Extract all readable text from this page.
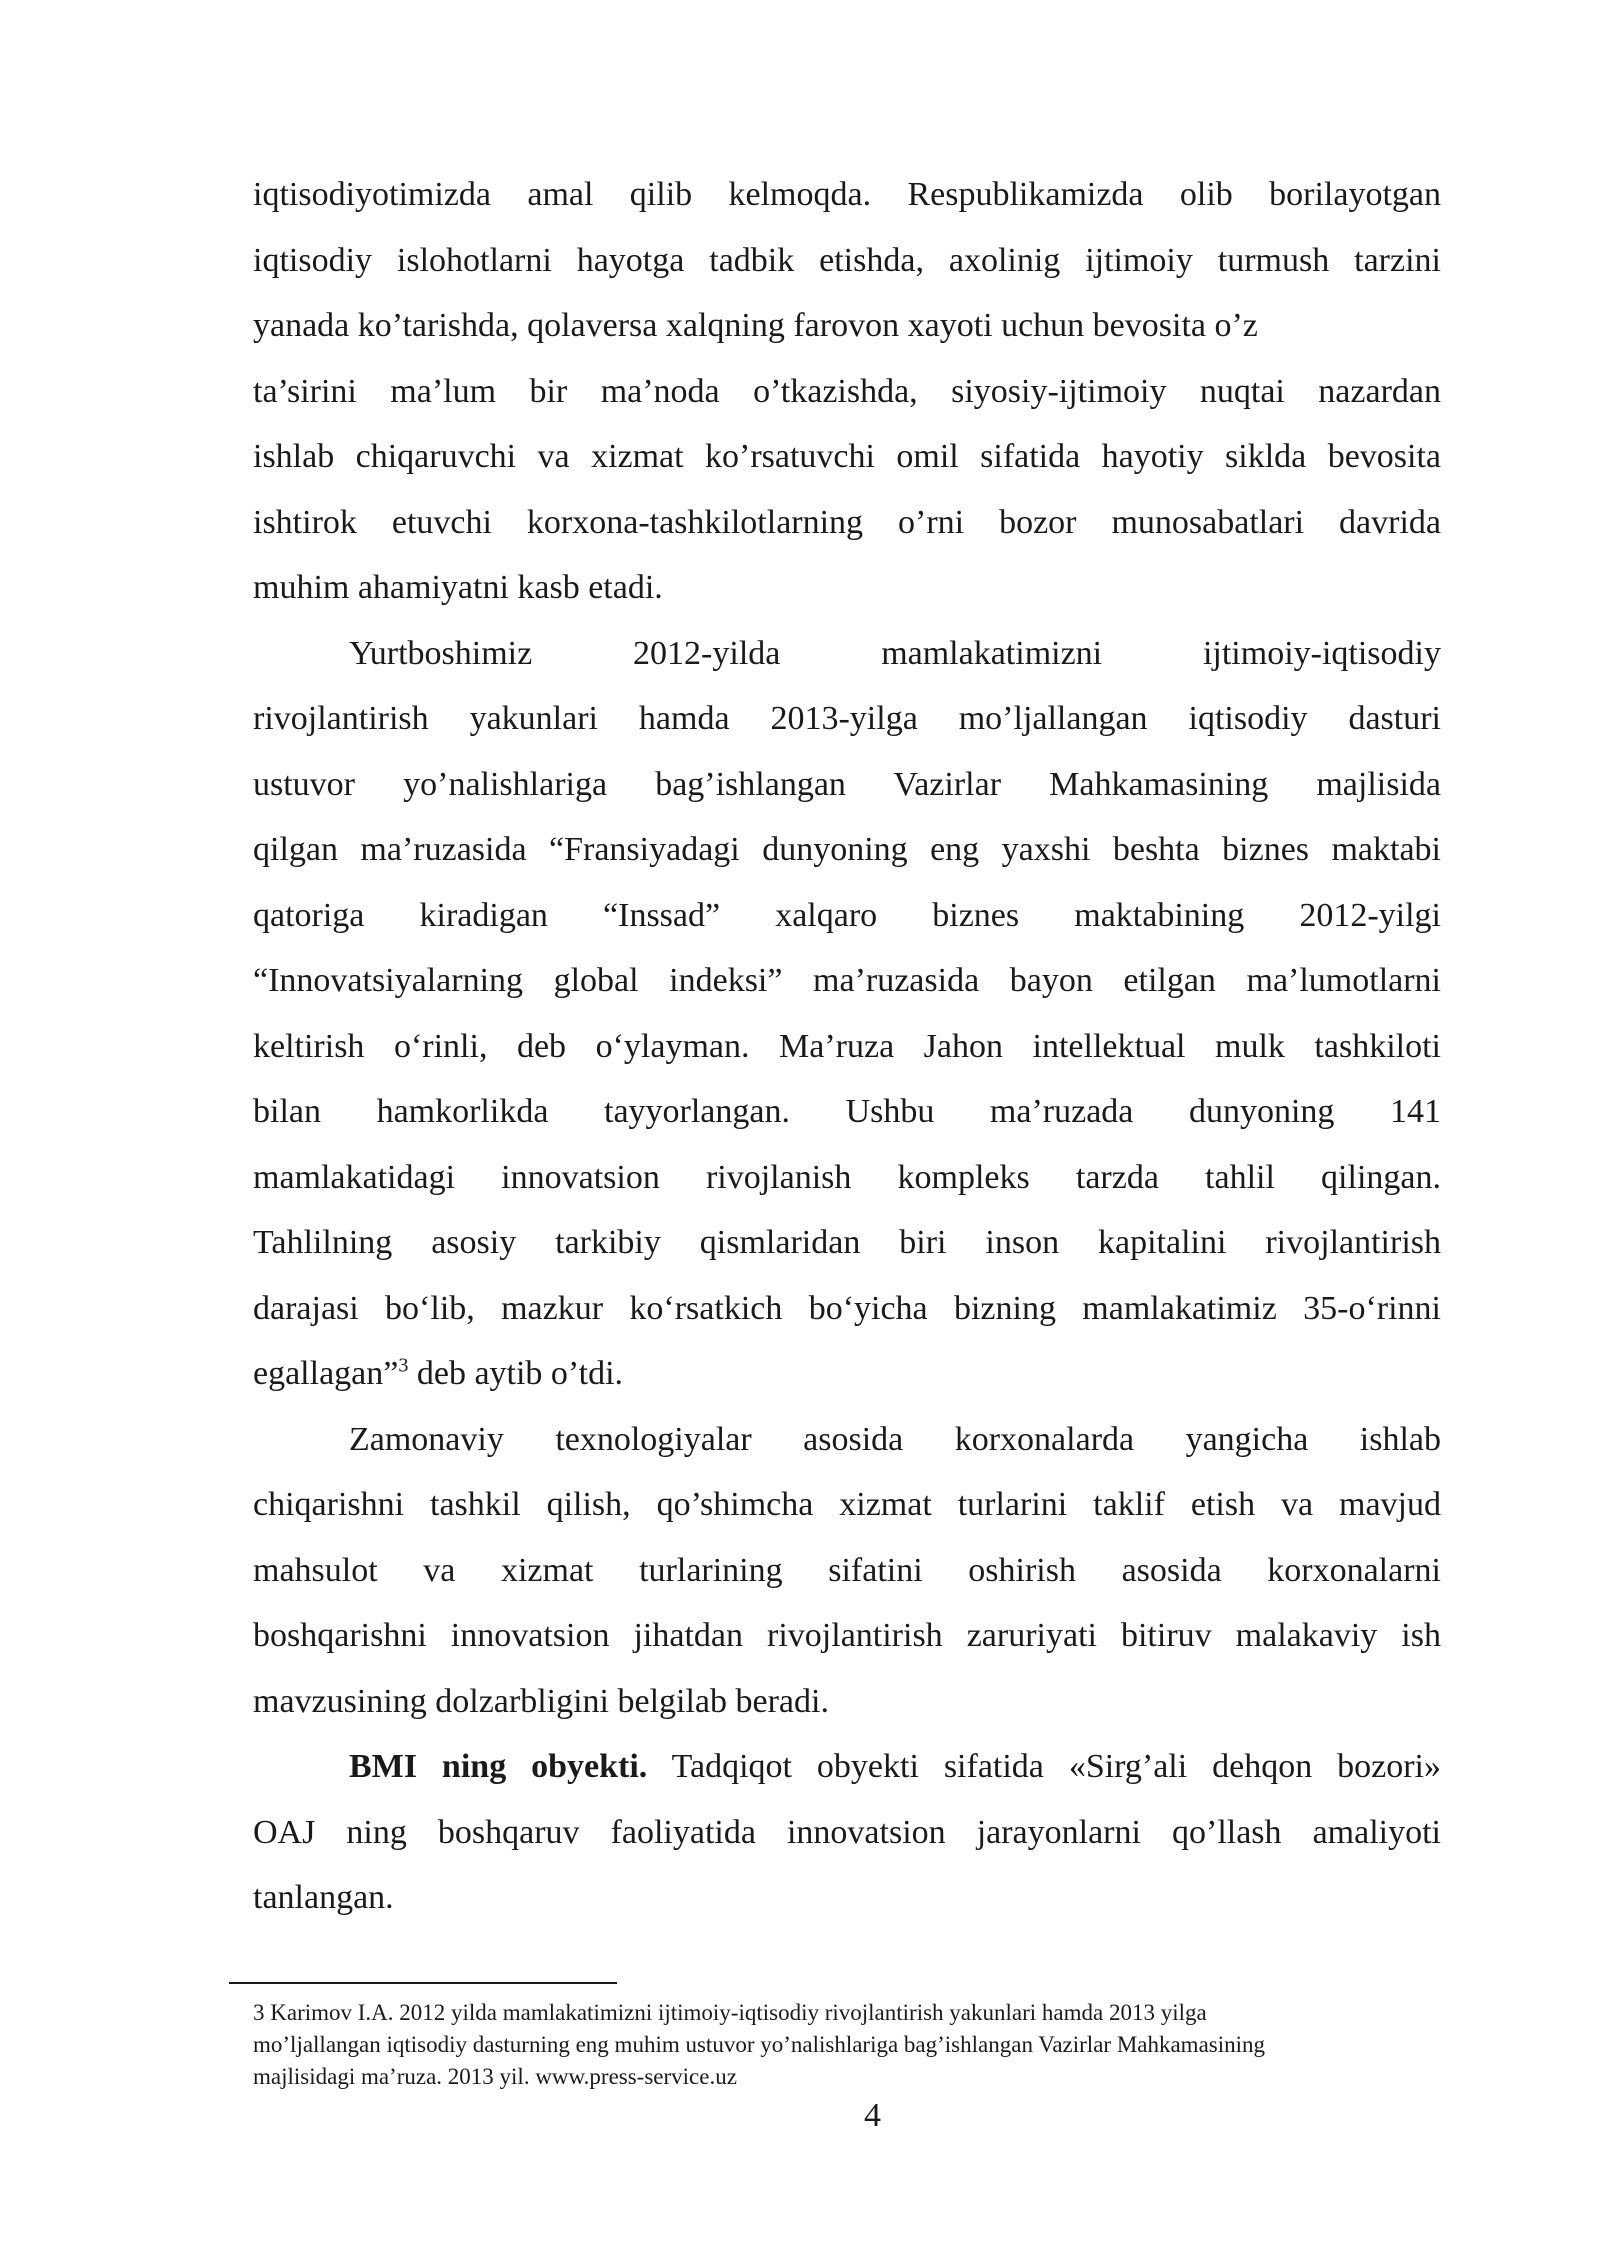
iqtisodiyotimizda amal qilib kelmoqda. Respublikamizda olib borilayotgan
iqtisodiy islohotlarni hayotga tadbik etishda, axolinig ijtimoiy turmush tarzini
yanada ko’tarishda, qolaversa xalqning farovon xayoti uchun bevosita o’z
ta’sirini ma’lum bir ma’noda o’tkazishda, siyosiy-ijtimoiy nuqtai nazardan
ishlab chiqaruvchi va xizmat ko’rsatuvchi omil sifatida hayotiy siklda bevosita
ishtirok etuvchi korxona-tashkilotlarning o’rni bozor munosabatlari davrida
muhim ahamiyatni kasb etadi.

Yurtboshimiz 2012-yilda mamlakatimizni ijtimoiy-iqtisodiy
rivojlantirish yakunlari hamda 2013-yilga mo’ljallangan iqtisodiy dasturi
ustuvor yo’nalishlariga bag’ishlangan Vazirlar Mahkamasining majlisida
qilgan ma’ruzasida “Fransiyadagi dunyoning eng yaxshi beshta biznes maktabi
qatoriga kiradigan “Inssad” xalqaro biznes maktabining 2012-yilgi
“Innovatsiyalarning global indeksi” ma’ruzasida bayon etilgan ma’lumotlarni
keltirish o‘rinli, deb o‘ylayman. Ma’ruza Jahon intellektual mulk tashkiloti
bilan hamkorlikda tayyorlangan. Ushbu ma’ruzada dunyoning 141
mamlakatidagi innovatsion rivojlanish kompleks tarzda tahlil qilingan.
Tahlilning asosiy tarkibiy qismlaridan biri inson kapitalini rivojlantirish
darajasi bo‘lib, mazkur ko‘rsatkich bo‘yicha bizning mamlakatimiz 35-o‘rinni
egallagan”$^3$ deb aytib o’tdi.

Zamonaviy texnologiyalar asosida korxonalarda yangicha ishlab
chiqarishni tashkil qilish, qo’shimcha xizmat turlarini taklif etish va mavjud
mahsulot va xizmat turlarining sifatini oshirish asosida korxonalarni
boshqarishni innovatsion jihatdan rivojlantirish zaruriyati bitiruv malakaviy ish
mavzusining dolzarbligini belgilab beradi.

BMI ning obyekti. Tadqiqot obyekti sifatida «Sirg’ali dehqon bozori»
OAJ ning boshqaruv faoliyatida innovatsion jarayonlarni qo’llash amaliyoti
tanlangan.

3 Karimov I.A. 2012 yilda mamlakatimizni ijtimoiy-iqtisodiy rivojlantirish yakunlari hamda 2013 yilga
mo’ljallangan iqtisodiy dasturning eng muhim ustuvor yo’nalishlariga bag’ishlangan Vazirlar Mahkamasining
majlisidagi ma’ruza. 2013 yil. www.press-service.uz
4
